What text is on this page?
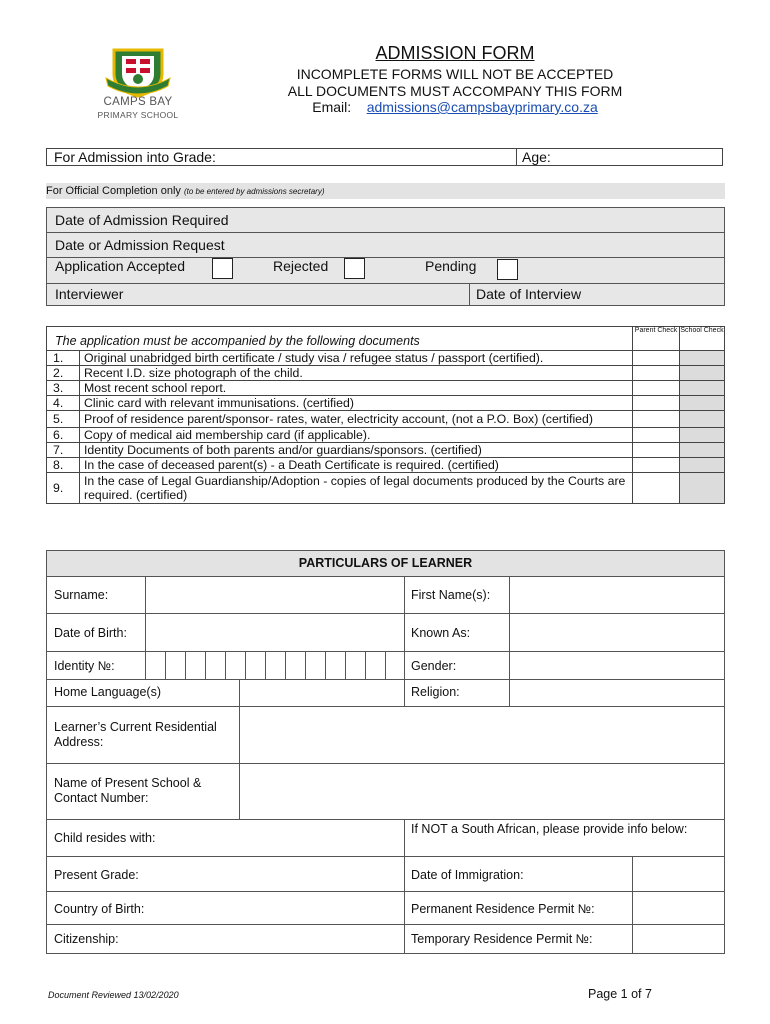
CAMPS BAY
PRIMARY SCHOOL
ADMISSION FORM
INCOMPLETE FORMS WILL NOT BE ACCEPTED
ALL DOCUMENTS MUST ACCOMPANY THIS FORM
Email: admissions@campsbayprimary.co.za
For Admission into Grade:	Age:
For Official Completion only (to be entered by admissions secretary)
Date of Admission Required
Date or Admission Request
Application Accepted	Rejected	Pending
Interviewer	Date of Interview
The application must be accompanied by the following documents		Parent Check	School Check
1.	Original unabridged birth certificate / study visa / refugee status / passport (certified).		
2.	Recent I.D. size photograph of the child.		
3.	Most recent school report.		
4.	Clinic card with relevant immunisations. (certified)		
5.	Proof of residence parent/sponsor- rates, water, electricity account, (not a P.O. Box) (certified)		
6.	Copy of medical aid membership card (if applicable).		
7.	Identity Documents of both parents and/or guardians/sponsors. (certified)		
8.	In the case of deceased parent(s) - a Death Certificate is required. (certified)		
9.	In the case of Legal Guardianship/Adoption - copies of legal documents produced by the Courts are required. (certified)		
PARTICULARS OF LEARNER
Surname:	First Name(s):
Date of Birth:	Known As:
Identity №:	Gender:
Home Language(s)	Religion:
Learner’s Current Residential Address:
Name of Present School & Contact Number:
Child resides with:
If NOT a South African, please provide info below:
Present Grade:	Date of Immigration:
Country of Birth:	Permanent Residence Permit №:
Citizenship:	Temporary Residence Permit №:
Document Reviewed 13/02/2020	Page 1 of 7
